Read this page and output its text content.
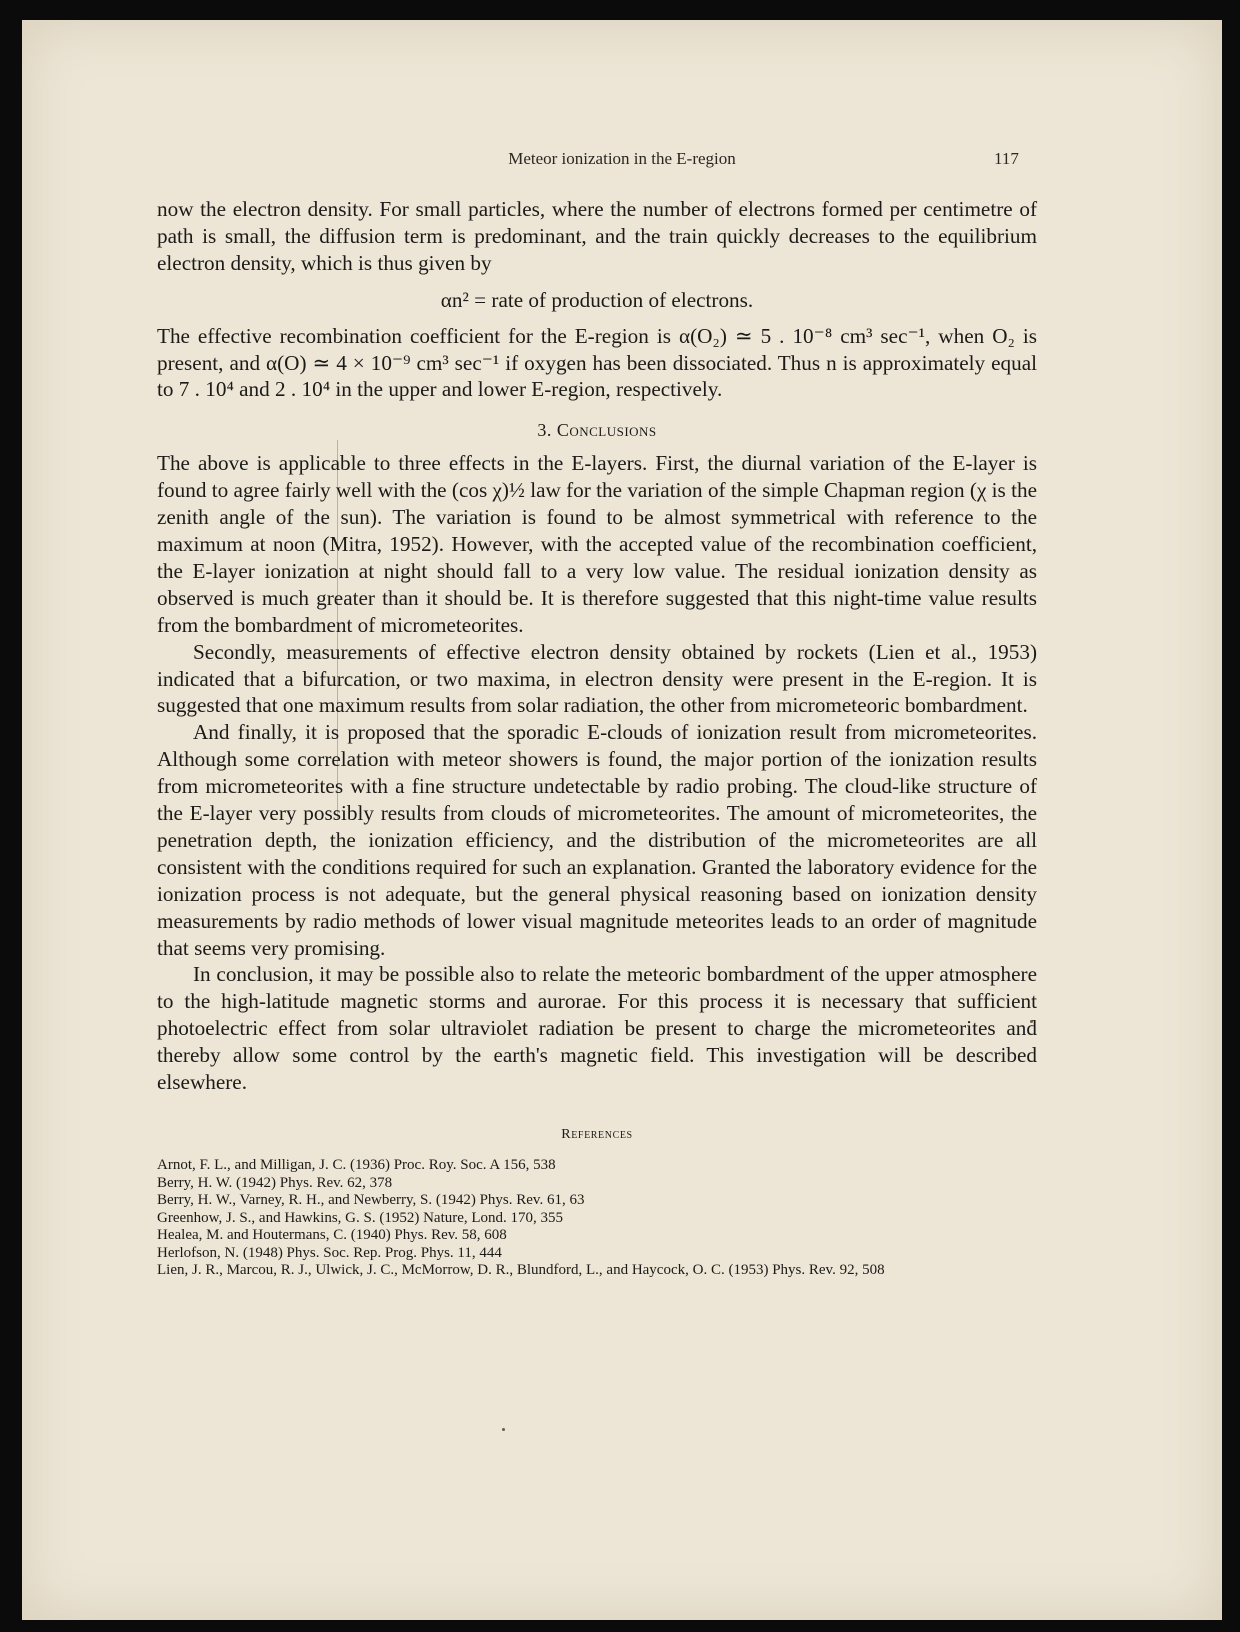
Meteor ionization in the E-region	117

now the electron density. For small particles, where the number of electrons formed per centimetre of path is small, the diffusion term is predominant, and the train quickly decreases to the equilibrium electron density, which is thus given by

αn² = rate of production of electrons.

The effective recombination coefficient for the E-region is α(O₂) ≃ 5 . 10⁻⁸ cm³ sec⁻¹, when O₂ is present, and α(O) ≃ 4 × 10⁻⁹ cm³ sec⁻¹ if oxygen has been dissociated. Thus n is approximately equal to 7 . 10⁴ and 2 . 10⁴ in the upper and lower E-region, respectively.

3. Conclusions

The above is applicable to three effects in the E-layers. First, the diurnal variation of the E-layer is found to agree fairly well with the (cos χ)½ law for the variation of the simple Chapman region (χ is the zenith angle of the sun). The variation is found to be almost symmetrical with reference to the maximum at noon (Mitra, 1952). However, with the accepted value of the recombination coefficient, the E-layer ionization at night should fall to a very low value. The residual ionization density as observed is much greater than it should be. It is therefore suggested that this night-time value results from the bombardment of micrometeorites.

Secondly, measurements of effective electron density obtained by rockets (Lien et al., 1953) indicated that a bifurcation, or two maxima, in electron density were present in the E-region. It is suggested that one maximum results from solar radiation, the other from micrometeoric bombardment.

And finally, it is proposed that the sporadic E-clouds of ionization result from micrometeorites. Although some correlation with meteor showers is found, the major portion of the ionization results from micrometeorites with a fine structure undetectable by radio probing. The cloud-like structure of the E-layer very possibly results from clouds of micrometeorites. The amount of micrometeorites, the penetration depth, the ionization efficiency, and the distribution of the micrometeorites are all consistent with the conditions required for such an explanation. Granted the laboratory evidence for the ionization process is not adequate, but the general physical reasoning based on ionization density measurements by radio methods of lower visual magnitude meteorites leads to an order of magnitude that seems very promising.

In conclusion, it may be possible also to relate the meteoric bombardment of the upper atmosphere to the high-latitude magnetic storms and aurorae. For this process it is necessary that sufficient photoelectric effect from solar ultraviolet radiation be present to charge the micrometeorites and thereby allow some control by the earth's magnetic field. This investigation will be described elsewhere.

References
Arnot, F. L., and Milligan, J. C. (1936) Proc. Roy. Soc. A 156, 538
Berry, H. W. (1942) Phys. Rev. 62, 378
Berry, H. W., Varney, R. H., and Newberry, S. (1942) Phys. Rev. 61, 63
Greenhow, J. S., and Hawkins, G. S. (1952) Nature, Lond. 170, 355
Healea, M. and Houtermans, C. (1940) Phys. Rev. 58, 608
Herlofson, N. (1948) Phys. Soc. Rep. Prog. Phys. 11, 444
Lien, J. R., Marcou, R. J., Ulwick, J. C., McMorrow, D. R., Blundford, L., and Haycock, O. C. (1953) Phys. Rev. 92, 508
